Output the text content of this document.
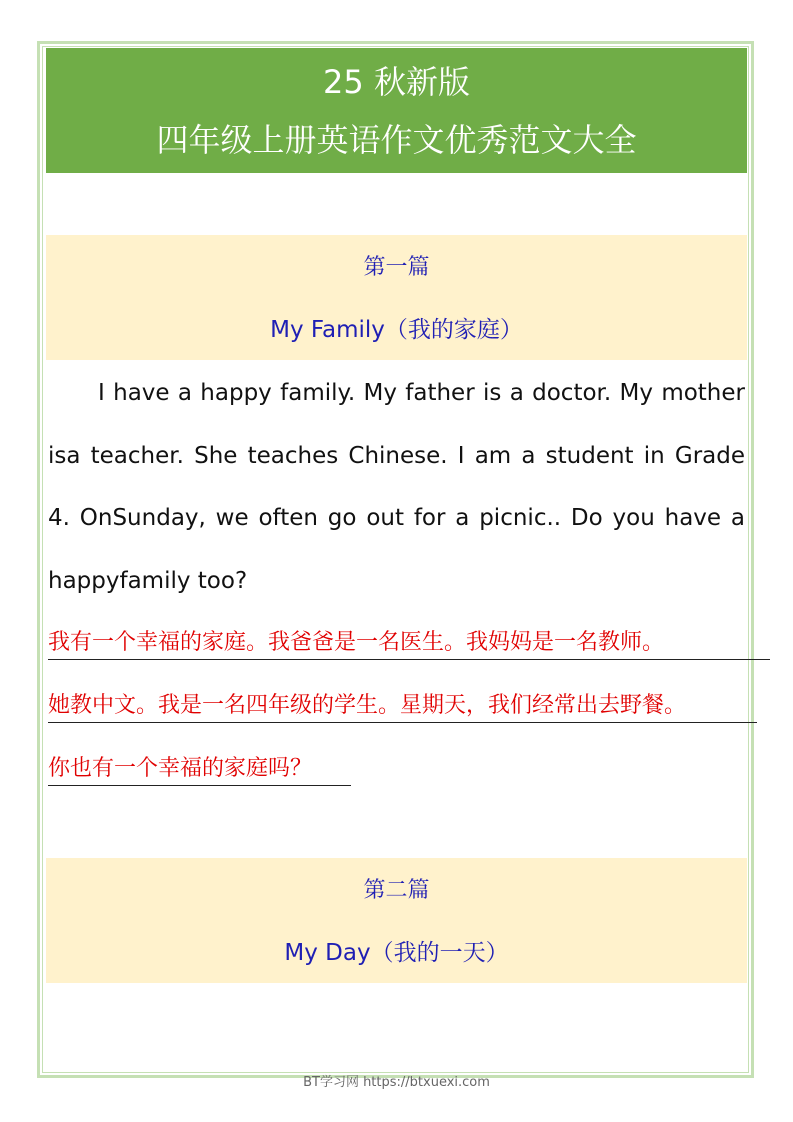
25 秋新版
四年级上册英语作文优秀范文大全
第一篇
My Family（我的家庭）

I have a happy family. My father is a doctor. My mother isa teacher. She teaches Chinese. I am a student in Grade 4. OnSunday, we often go out for a picnic.. Do you have a happyfamily too?

我有一个幸福的家庭。我爸爸是一名医生。我妈妈是一名教师。
她教中文。我是一名四年级的学生。星期天，我们经常出去野餐。
你也有一个幸福的家庭吗？
第二篇
My Day（我的一天）
BT学习网 https://btxuexi.com
